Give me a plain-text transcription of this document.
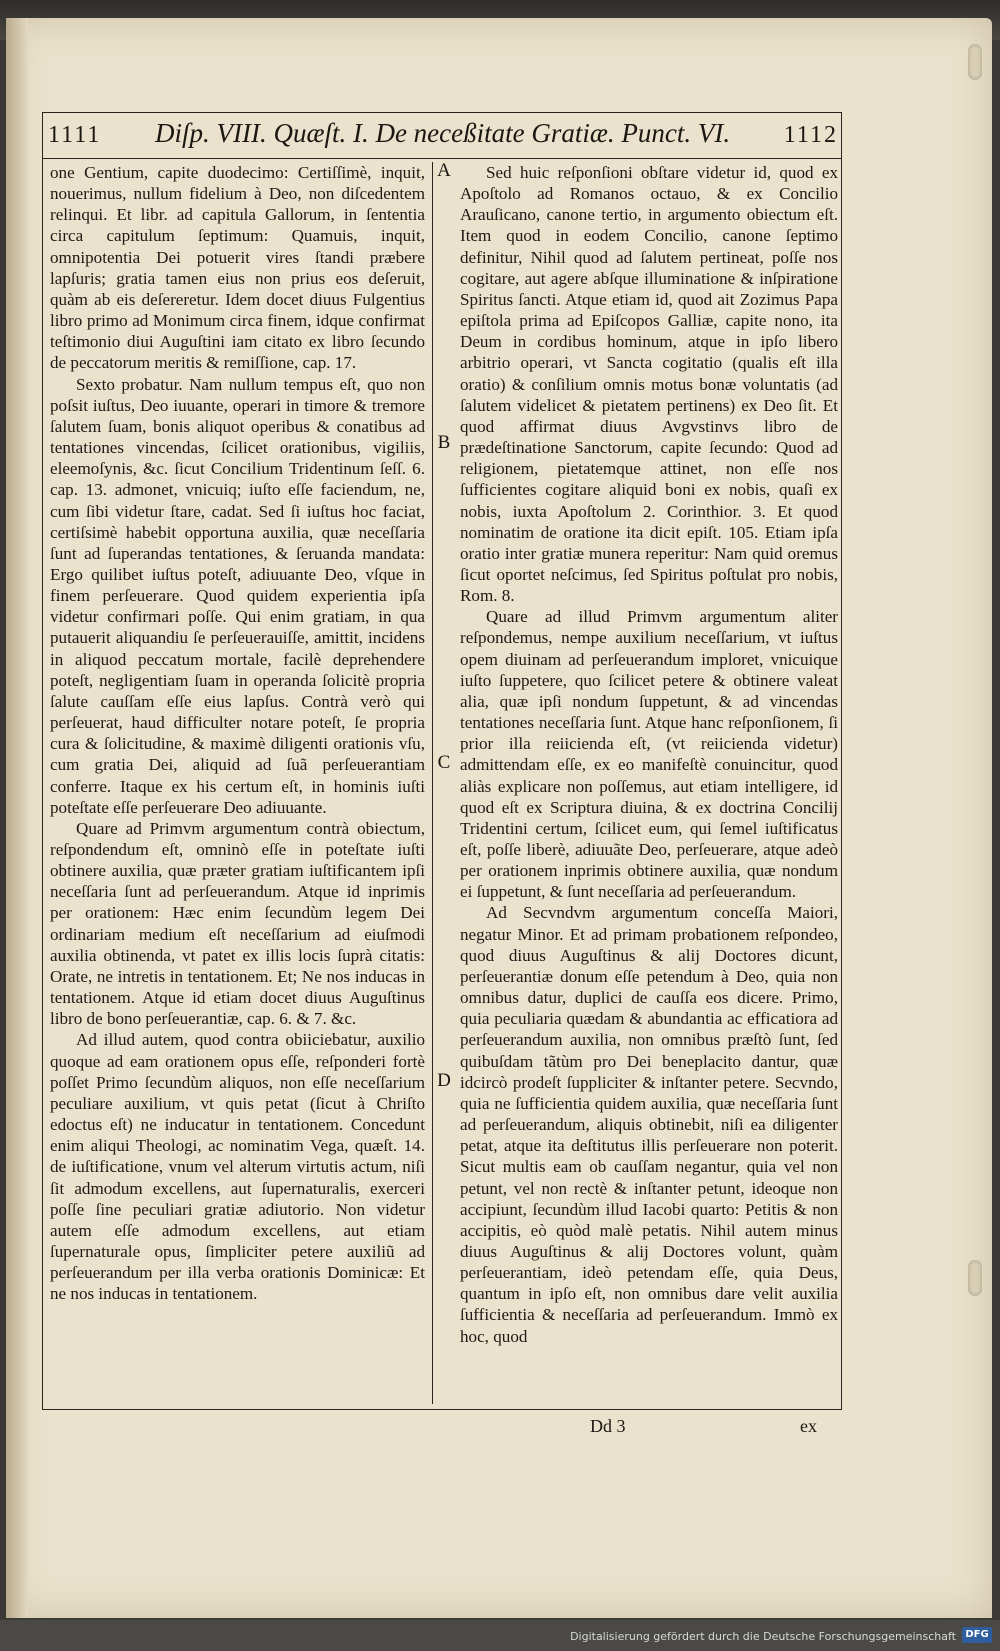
1111 Diſp. VIII. Quæſt. I. De neceßitate Gratiæ. Punct. VI. 1112

one Gentium, capite duodecimo: Certiſſimè, inquit, nouerimus, nullum fidelium à Deo, non diſcedentem relinqui. Et libr. ad capitula Gallorum, in ſententia circa capitulum ſeptimum: Quamuis, inquit, omnipotentia Dei potuerit vires ſtandi præbere lapſuris; gratia tamen eius non prius eos deſeruit, quàm ab eis deſereretur. Idem docet diuus Fulgentius libro primo ad Monimum circa finem, idque confirmat teſtimonio diui Auguſtini iam citato ex libro ſecundo de peccatorum meritis & remiſſione, cap. 17.

Sexto probatur. Nam nullum tempus eſt, quo non poſsit iuſtus, Deo iuuante, operari in timore & tremore ſalutem ſuam, bonis aliquot operibus & conatibus ad tentationes vincendas, ſcilicet orationibus, vigiliis, eleemoſynis, &c. ſicut Concilium Tridentinum ſeſſ. 6. cap. 13. admonet, vnicuiq; iuſto eſſe faciendum, ne, cum ſibi videtur ſtare, cadat. Sed ſi iuſtus hoc faciat, certiſsimè habebit opportuna auxilia, quæ neceſſaria ſunt ad ſuperandas tentationes, & ſeruanda mandata: Ergo quilibet iuſtus poteſt, adiuuante Deo, vſque in finem perſeuerare. Quod quidem experientia ipſa videtur confirmari poſſe. Qui enim gratiam, in qua putauerit aliquandiu ſe perſeuerauiſſe, amittit, incidens in aliquod peccatum mortale, facilè deprehendere poteſt, negligentiam ſuam in operanda ſolicitè propria ſalute cauſſam eſſe eius lapſus. Contrà verò qui perſeuerat, haud difficulter notare poteſt, ſe propria cura & ſolicitudine, & maximè diligenti orationis vſu, cum gratia Dei, aliquid ad ſuã perſeuerantiam conferre. Itaque ex his certum eſt, in hominis iuſti poteſtate eſſe perſeuerare Deo adiuuante.

Quare ad Primvm argumentum contrà obiectum, reſpondendum eſt, omninò eſſe in poteſtate iuſti obtinere auxilia, quæ præter gratiam iuſtificantem ipſi neceſſaria ſunt ad perſeuerandum. Atque id inprimis per orationem: Hæc enim ſecundùm legem Dei ordinariam medium eſt neceſſarium ad eiuſmodi auxilia obtinenda, vt patet ex illis locis ſuprà citatis: Orate, ne intretis in tentationem. Et; Ne nos inducas in tentationem. Atque id etiam docet diuus Auguſtinus libro de bono perſeuerantiæ, cap. 6. & 7. &c.

Ad illud autem, quod contra obiiciebatur, auxilio quoque ad eam orationem opus eſſe, reſponderi fortè poſſet Primo ſecundùm aliquos, non eſſe neceſſarium peculiare auxilium, vt quis petat (ſicut à Chriſto edoctus eſt) ne inducatur in tentationem. Concedunt enim aliqui Theologi, ac nominatim Vega, quæſt. 14. de iuſtificatione, vnum vel alterum virtutis actum, niſi ſit admodum excellens, aut ſupernaturalis, exerceri poſſe ſine peculiari gratiæ adiutorio. Non videtur autem eſſe admodum excellens, aut etiam ſupernaturale opus, ſimpliciter petere auxiliũ ad perſeuerandum per illa verba orationis Dominicæ: Et ne nos inducas in tentationem.

A
B
C
D

Sed huic reſponſioni obſtare videtur id, quod ex Apoſtolo ad Romanos octauo, & ex Concilio Arauſicano, canone tertio, in argumento obiectum eſt. Item quod in eodem Concilio, canone ſeptimo definitur, Nihil quod ad ſalutem pertineat, poſſe nos cogitare, aut agere abſque illuminatione & inſpiratione Spiritus ſancti. Atque etiam id, quod ait Zozimus Papa epiſtola prima ad Epiſcopos Galliæ, capite nono, ita Deum in cordibus hominum, atque in ipſo libero arbitrio operari, vt Sancta cogitatio (qualis eſt illa oratio) & conſilium omnis motus bonæ voluntatis (ad ſalutem videlicet & pietatem pertinens) ex Deo ſit. Et quod affirmat diuus Avgvstinvs libro de prædeſtinatione Sanctorum, capite ſecundo: Quod ad religionem, pietatemque attinet, non eſſe nos ſufficientes cogitare aliquid boni ex nobis, quaſi ex nobis, iuxta Apoſtolum 2. Corinthior. 3. Et quod nominatim de oratione ita dicit epiſt. 105. Etiam ipſa oratio inter gratiæ munera reperitur: Nam quid oremus ſicut oportet neſcimus, ſed Spiritus poſtulat pro nobis, Rom. 8.

Quare ad illud Primvm argumentum aliter reſpondemus, nempe auxilium neceſſarium, vt iuſtus opem diuinam ad perſeuerandum imploret, vnicuique iuſto ſuppetere, quo ſcilicet petere & obtinere valeat alia, quæ ipſi nondum ſuppetunt, & ad vincendas tentationes neceſſaria ſunt. Atque hanc reſponſionem, ſi prior illa reiicienda eſt, (vt reiicienda videtur) admittendam eſſe, ex eo manifeſtè conuincitur, quod aliàs explicare non poſſemus, aut etiam intelligere, id quod eſt ex Scriptura diuina, & ex doctrina Concilij Tridentini certum, ſcilicet eum, qui ſemel iuſtificatus eſt, poſſe liberè, adiuuãte Deo, perſeuerare, atque adeò per orationem inprimis obtinere auxilia, quæ nondum ei ſuppetunt, & ſunt neceſſaria ad perſeuerandum.

Ad Secvndvm argumentum conceſſa Maiori, negatur Minor. Et ad primam probationem reſpondeo, quod diuus Auguſtinus & alij Doctores dicunt, perſeuerantiæ donum eſſe petendum à Deo, quia non omnibus datur, duplici de cauſſa eos dicere. Primo, quia peculiaria quædam & abundantia ac efficatiora ad perſeuerandum auxilia, non omnibus præſtò ſunt, ſed quibuſdam tãtùm pro Dei beneplacito dantur, quæ idcircò prodeſt ſuppliciter & inſtanter petere. Secvndo, quia ne ſufficientia quidem auxilia, quæ neceſſaria ſunt ad perſeuerandum, aliquis obtinebit, niſi ea diligenter petat, atque ita deſtitutus illis perſeuerare non poterit. Sicut multis eam ob cauſſam negantur, quia vel non petunt, vel non rectè & inſtanter petunt, ideoque non accipiunt, ſecundùm illud Iacobi quarto: Petitis & non accipitis, eò quòd malè petatis. Nihil autem minus diuus Auguſtinus & alij Doctores volunt, quàm perſeuerantiam, ideò petendam eſſe, quia Deus, quantum in ipſo eſt, non omnibus dare velit auxilia ſufficientia & neceſſaria ad perſeuerandum. Immò ex hoc, quod

Dd 3	ex
Digitalisierung gefördert durch die Deutsche Forschungsgemeinschaft DFG
